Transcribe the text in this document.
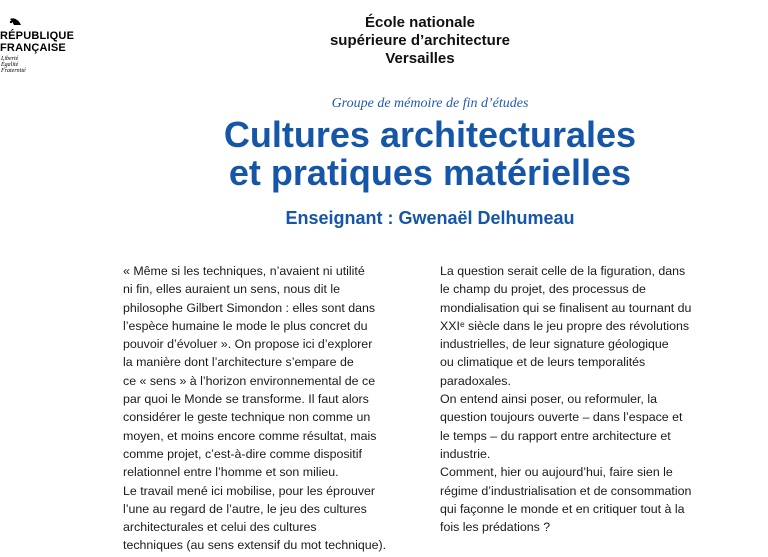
RÉPUBLIQUE
FRANÇAISE
Liberté
Égalité
Fraternité
École nationale
supérieure d’architecture
Versailles
Groupe de mémoire de fin d’études
Cultures architecturales
et pratiques matérielles
Enseignant : Gwenaël Delhumeau

« Même si les techniques, n’avaient ni utilité

ni fin, elles auraient un sens, nous dit le

philosophe Gilbert Simondon : elles sont dans

l’espèce humaine le mode le plus concret du

pouvoir d’évoluer ». On propose ici d’explorer

la manière dont l’architecture s’empare de

ce « sens » à l’horizon environnemental de ce

par quoi le Monde se transforme. Il faut alors

considérer le geste technique non comme un

moyen, et moins encore comme résultat, mais

comme projet, c’est-à-dire comme dispositif

relationnel entre l’homme et son milieu.

Le travail mené ici mobilise, pour les éprouver

l’une au regard de l’autre, le jeu des cultures

architecturales et celui des cultures

techniques (au sens extensif du mot technique).

La question serait celle de la figuration, dans

le champ du projet, des processus de

mondialisation qui se finalisent au tournant du

XXIᵉ siècle dans le jeu propre des révolutions

industrielles, de leur signature géologique

ou climatique et de leurs temporalités

paradoxales.

On entend ainsi poser, ou reformuler, la

question toujours ouverte – dans l’espace et

le temps – du rapport entre architecture et

industrie.

Comment, hier ou aujourd’hui, faire sien le

régime d’industrialisation et de consommation

qui façonne le monde et en critiquer tout à la

fois les prédations ?
